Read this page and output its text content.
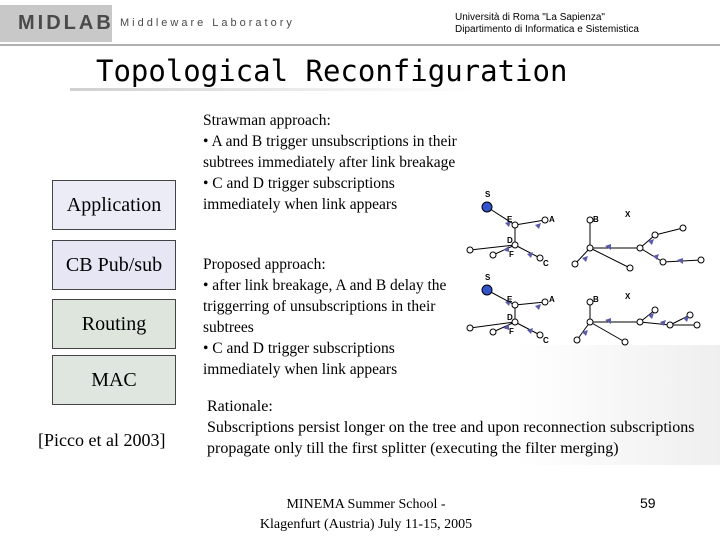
MIDLAB Middleware Laboratory	Università di Roma "La Sapienza"
Dipartimento di Informatica e Sistemistica
Topological Reconfiguration
Application
CB Pub/sub
Routing
MAC
[Picco et al 2003]
Strawman approach:
• A and B trigger unsubscriptions in their subtrees immediately after link breakage
• C and D trigger subscriptions immediately when link appears
Proposed approach:
• after link breakage, A and B delay the triggerring of unsubscriptions in their subtrees
• C and D trigger subscriptions immediately when link appears
Rationale:
Subscriptions persist longer on the tree and upon reconnection subscriptions propagate only till the first splitter (executing the filter merging)
S
E	A	B
D
F
C
X
S
E	A	B
D
F
C
X
MINEMA Summer School -
Klagenfurt (Austria) July 11-15, 2005
59
